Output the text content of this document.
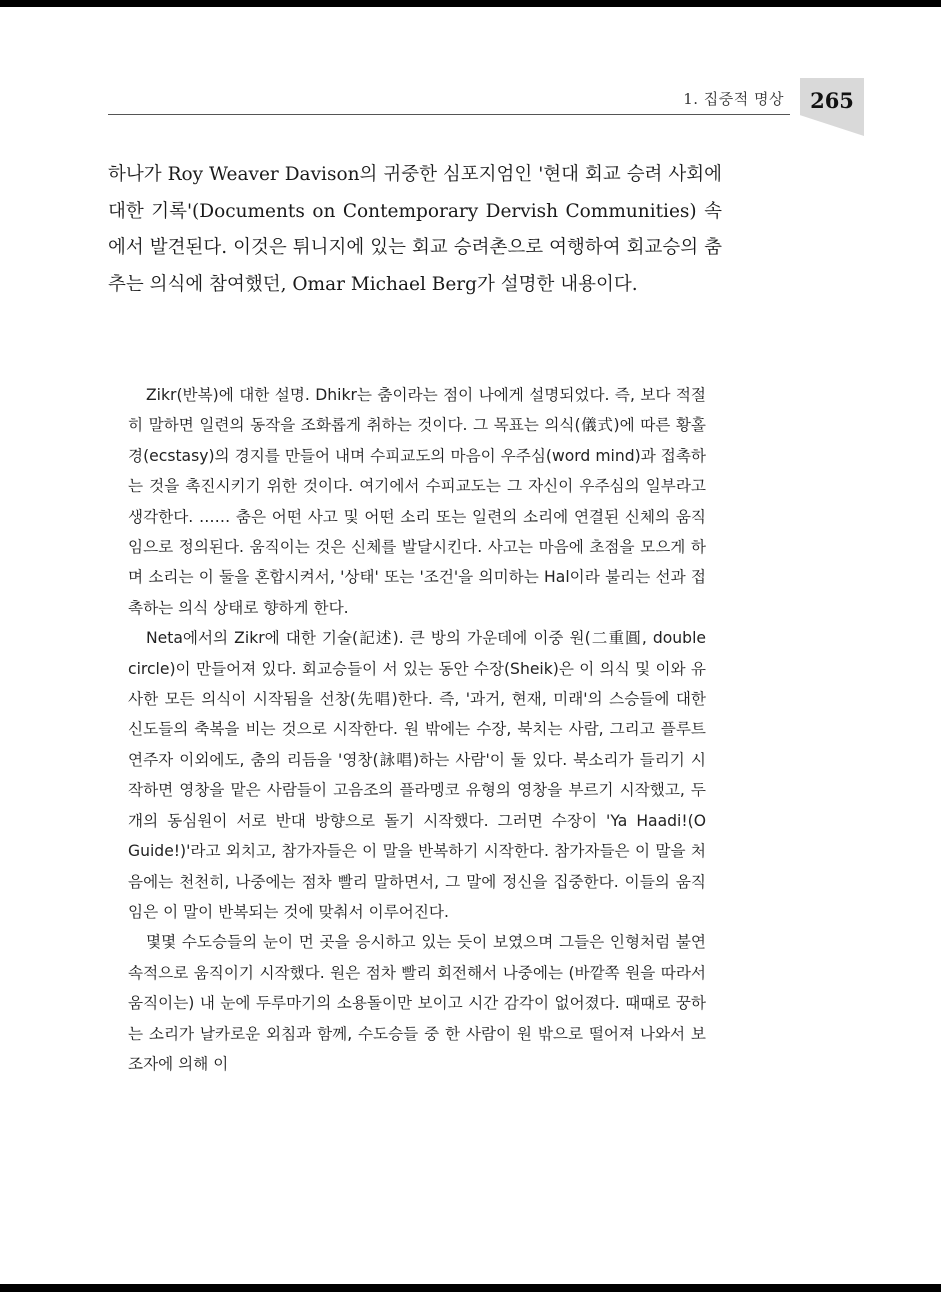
1. 집중적 명상	265

하나가 Roy Weaver Davison의 귀중한 심포지엄인 '현대 회교 승려 사회에 대한 기록'(Documents on Contemporary Dervish Communities) 속에서 발견된다. 이것은 튀니지에 있는 회교 승려촌으로 여행하여 회교승의 춤추는 의식에 참여했던, Omar Michael Berg가 설명한 내용이다.

Zikr(반복)에 대한 설명. Dhikr는 춤이라는 점이 나에게 설명되었다. 즉, 보다 적절히 말하면 일련의 동작을 조화롭게 취하는 것이다. 그 목표는 의식(儀式)에 따른 황홀경(ecstasy)의 경지를 만들어 내며 수피교도의 마음이 우주심(word mind)과 접촉하는 것을 촉진시키기 위한 것이다. 여기에서 수피교도는 그 자신이 우주심의 일부라고 생각한다. …… 춤은 어떤 사고 및 어떤 소리 또는 일련의 소리에 연결된 신체의 움직임으로 정의된다. 움직이는 것은 신체를 발달시킨다. 사고는 마음에 초점을 모으게 하며 소리는 이 둘을 혼합시켜서, '상태' 또는 '조건'을 의미하는 Hal이라 불리는 선과 접촉하는 의식 상태로 향하게 한다.

Neta에서의 Zikr에 대한 기술(記述). 큰 방의 가운데에 이중 원(二重圓, double circle)이 만들어져 있다. 회교승들이 서 있는 동안 수장(Sheik)은 이 의식 및 이와 유사한 모든 의식이 시작됨을 선창(先唱)한다. 즉, '과거, 현재, 미래'의 스승들에 대한 신도들의 축복을 비는 것으로 시작한다. 원 밖에는 수장, 북치는 사람, 그리고 플루트 연주자 이외에도, 춤의 리듬을 '영창(詠唱)하는 사람'이 둘 있다. 북소리가 들리기 시작하면 영창을 맡은 사람들이 고음조의 플라멩코 유형의 영창을 부르기 시작했고, 두 개의 동심원이 서로 반대 방향으로 돌기 시작했다. 그러면 수장이 'Ya Haadi!(O Guide!)'라고 외치고, 참가자들은 이 말을 반복하기 시작한다. 참가자들은 이 말을 처음에는 천천히, 나중에는 점차 빨리 말하면서, 그 말에 정신을 집중한다. 이들의 움직임은 이 말이 반복되는 것에 맞춰서 이루어진다.

몇몇 수도승들의 눈이 먼 곳을 응시하고 있는 듯이 보였으며 그들은 인형처럼 불연속적으로 움직이기 시작했다. 원은 점차 빨리 회전해서 나중에는 (바깥쪽 원을 따라서 움직이는) 내 눈에 두루마기의 소용돌이만 보이고 시간 감각이 없어졌다. 때때로 꿍하는 소리가 날카로운 외침과 함께, 수도승들 중 한 사람이 원 밖으로 떨어져 나와서 보조자에 의해 이
